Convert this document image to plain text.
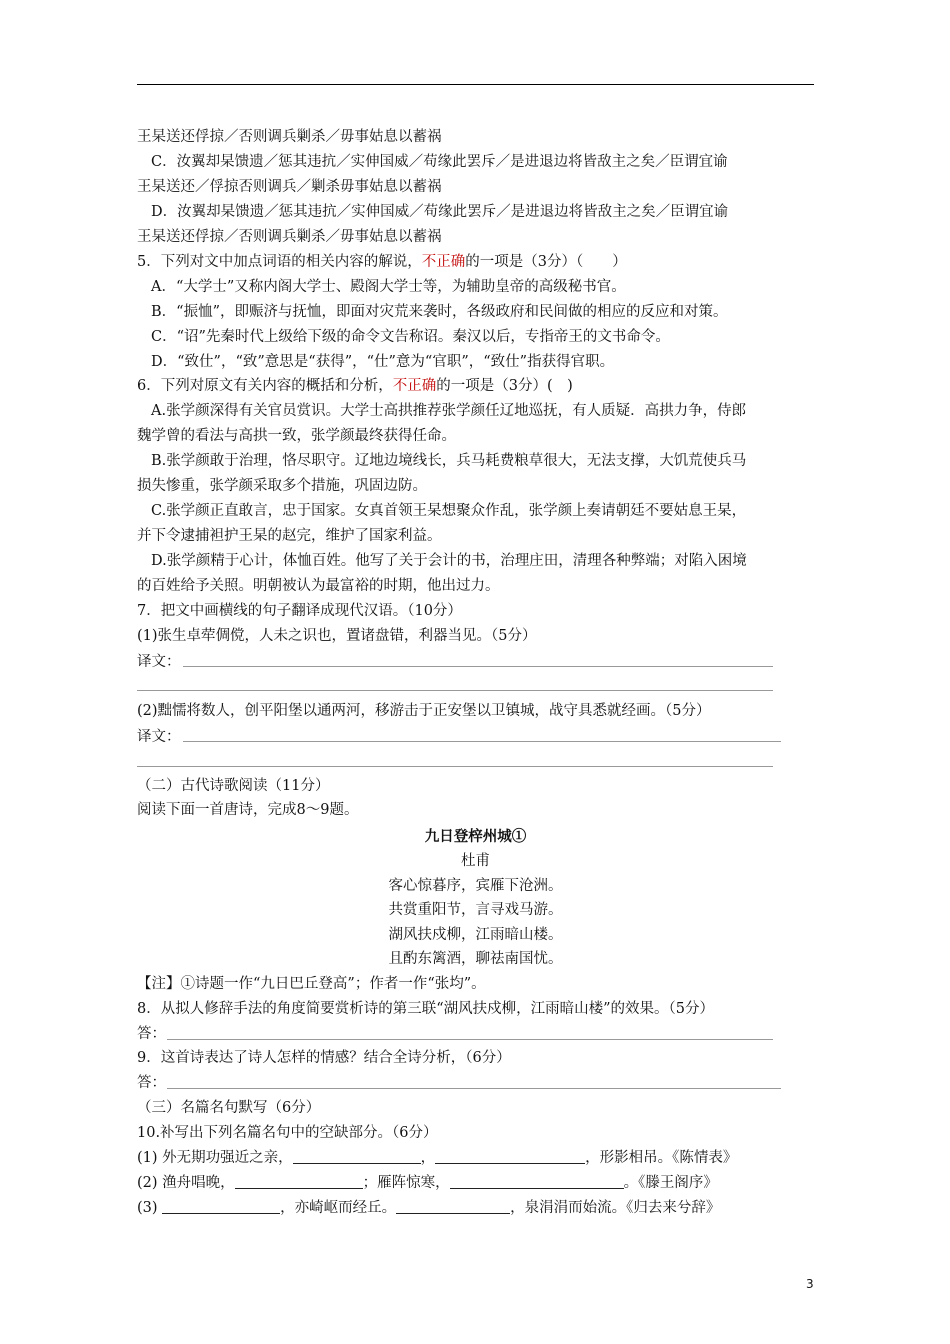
王杲送还俘掠／否则调兵剿杀／毋事姑息以蓄祸
C．汝翼却杲馈遗／惩其违抗／实伸国威／苟缘此罢斥／是进退边将皆敌主之矣／臣谓宜谕
王杲送还／俘掠否则调兵／剿杀毋事姑息以蓄祸
D．汝翼却杲馈遗／惩其违抗／实伸国威／苟缘此罢斥／是进退边将皆敌主之矣／臣谓宜谕
王杲送还俘掠／否则调兵剿杀／毋事姑息以蓄祸
5．下列对文中加点词语的相关内容的解说，不正确的一项是（3分）（　　）
A．“大学士”又称内阁大学士、殿阁大学士等，为辅助皇帝的高级秘书官。
B．“振恤”，即赈济与抚恤，即面对灾荒来袭时，各级政府和民间做的相应的反应和对策。
C．“诏”先秦时代上级给下级的命令文告称诏。秦汉以后，专指帝王的文书命令。
D．“致仕”，“致”意思是“获得”，“仕”意为“官职”，“致仕”指获得官职。
6．下列对原文有关内容的概括和分析，不正确的一项是（3分）(　)
A.张学颜深得有关官员赏识。大学士高拱推荐张学颜任辽地巡抚，有人质疑．高拱力争，侍郎
魏学曾的看法与高拱一致，张学颜最终获得任命。
B.张学颜敢于治理，恪尽职守。辽地边境线长，兵马耗费粮草很大，无法支撑，大饥荒使兵马
损失惨重，张学颜采取多个措施，巩固边防。
C.张学颜正直敢言，忠于国家。女真首领王杲想聚众作乱，张学颜上奏请朝廷不要姑息王杲，
并下令逮捕袒护王杲的赵完，维护了国家利益。
D.张学颜精于心计，体恤百姓。他写了关于会计的书，治理庄田，清理各种弊端；对陷入困境
的百姓给予关照。明朝被认为最富裕的时期，他出过力。
7．把文中画横线的句子翻译成现代汉语。（10分）
(1)张生卓荦倜傥，人未之识也，置诸盘错，利器当见。（5分）
译文：
(2)黜懦将数人，创平阳堡以通两河，移游击于正安堡以卫镇城，战守具悉就经画。（5分）
译文：
（二）古代诗歌阅读（11分）
阅读下面一首唐诗，完成8～9题。
九日登梓州城①
杜甫
客心惊暮序，宾雁下沧洲。
共赏重阳节，言寻戏马游。
湖风扶戍柳，江雨暗山楼。
且酌东篱酒，聊祛南国忧。
【注】①诗题一作“九日巴丘登高”；作者一作“张均”。
8．从拟人修辞手法的角度简要赏析诗的第三联“湖风扶戍柳，江雨暗山楼”的效果。（5分）
答：
9．这首诗表达了诗人怎样的情感？结合全诗分析，（6分）
答：
（三）名篇名句默写（6分）
10.补写出下列名篇名句中的空缺部分。（6分）
(1) 外无期功强近之亲，	，	，形影相吊。《陈情表》
(2) 渔舟唱晚，	；雁阵惊寒，	。《滕王阁序》
(3)	，亦崎岖而经丘。	，泉涓涓而始流。《归去来兮辞》
3
